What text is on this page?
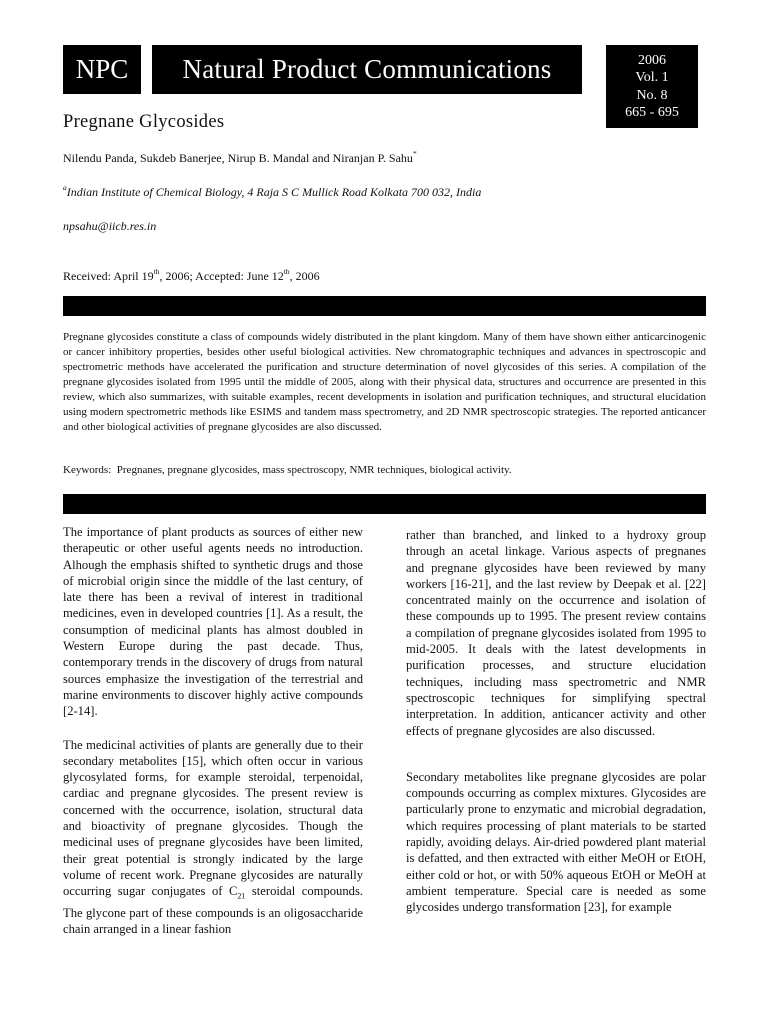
NPC Natural Product Communications	2006
Vol. 1
No. 8
665 - 695
Pregnane Glycosides
Nilendu Panda, Sukdeb Banerjee, Nirup B. Mandal and Niranjan P. Sahu*
$^a$Indian Institute of Chemical Biology, 4 Raja S C Mullick Road Kolkata 700 032, India
npsahu@iicb.res.in
Received: April 19th, 2006; Accepted: June 12th, 2006
Pregnane glycosides constitute a class of compounds widely distributed in the plant kingdom. Many of them have shown either anticarcinogenic or cancer inhibitory properties, besides other useful biological activities. New chromatographic techniques and advances in spectroscopic and spectrometric methods have accelerated the purification and structure determination of novel glycosides of this series. A compilation of the pregnane glycosides isolated from 1995 until the middle of 2005, along with their physical data, structures and occurrence are presented in this review, which also summarizes, with suitable examples, recent developments in isolation and purification techniques, and structural elucidation using modern spectrometric methods like ESIMS and tandem mass spectrometry, and 2D NMR spectroscopic strategies. The reported anticancer and other biological activities of pregnane glycosides are also discussed.
Keywords: Pregnanes, pregnane glycosides, mass spectroscopy, NMR techniques, biological activity.

The importance of plant products as sources of either new therapeutic or other useful agents needs no introduction. Alhough the emphasis shifted to synthetic drugs and those of microbial origin since the middle of the last century, of late there has been a revival of interest in traditional medicines, even in developed countries [1]. As a result, the consumption of medicinal plants has almost doubled in Western Europe during the past decade. Thus, contemporary trends in the discovery of drugs from natural sources emphasize the investigation of the terrestrial and marine environments to discover highly active compounds [2-14].

The medicinal activities of plants are generally due to their secondary metabolites [15], which often occur in various glycosylated forms, for example steroidal, terpenoidal, cardiac and pregnane glycosides. The present review is concerned with the occurrence, isolation, structural data and bioactivity of pregnane glycosides. Though the medicinal uses of pregnane glycosides have been limited, their great potential is strongly indicated by the large volume of recent work. Pregnane glycosides are naturally occurring sugar conjugates of $C_{21}$ steroidal compounds. The glycone part of these compounds is an oligosaccharide chain arranged in a linear fashion

rather than branched, and linked to a hydroxy group through an acetal linkage. Various aspects of pregnanes and pregnane glycosides have been reviewed by many workers [16-21], and the last review by Deepak et al. [22] concentrated mainly on the occurrence and isolation of these compounds up to 1995. The present review contains a compilation of pregnane glycosides isolated from 1995 to mid-2005. It deals with the latest developments in purification processes, and structure elucidation techniques, including mass spectrometric and NMR spectroscopic techniques for simplifying spectral interpretation. In addition, anticancer activity and other effects of pregnane glycosides are also discussed.

Secondary metabolites like pregnane glycosides are polar compounds occurring as complex mixtures. Glycosides are particularly prone to enzymatic and microbial degradation, which requires processing of plant materials to be started rapidly, avoiding delays. Air-dried powdered plant material is defatted, and then extracted with either MeOH or EtOH, either cold or hot, or with 50% aqueous EtOH or MeOH at ambient temperature. Special care is needed as some glycosides undergo transformation [23], for example
